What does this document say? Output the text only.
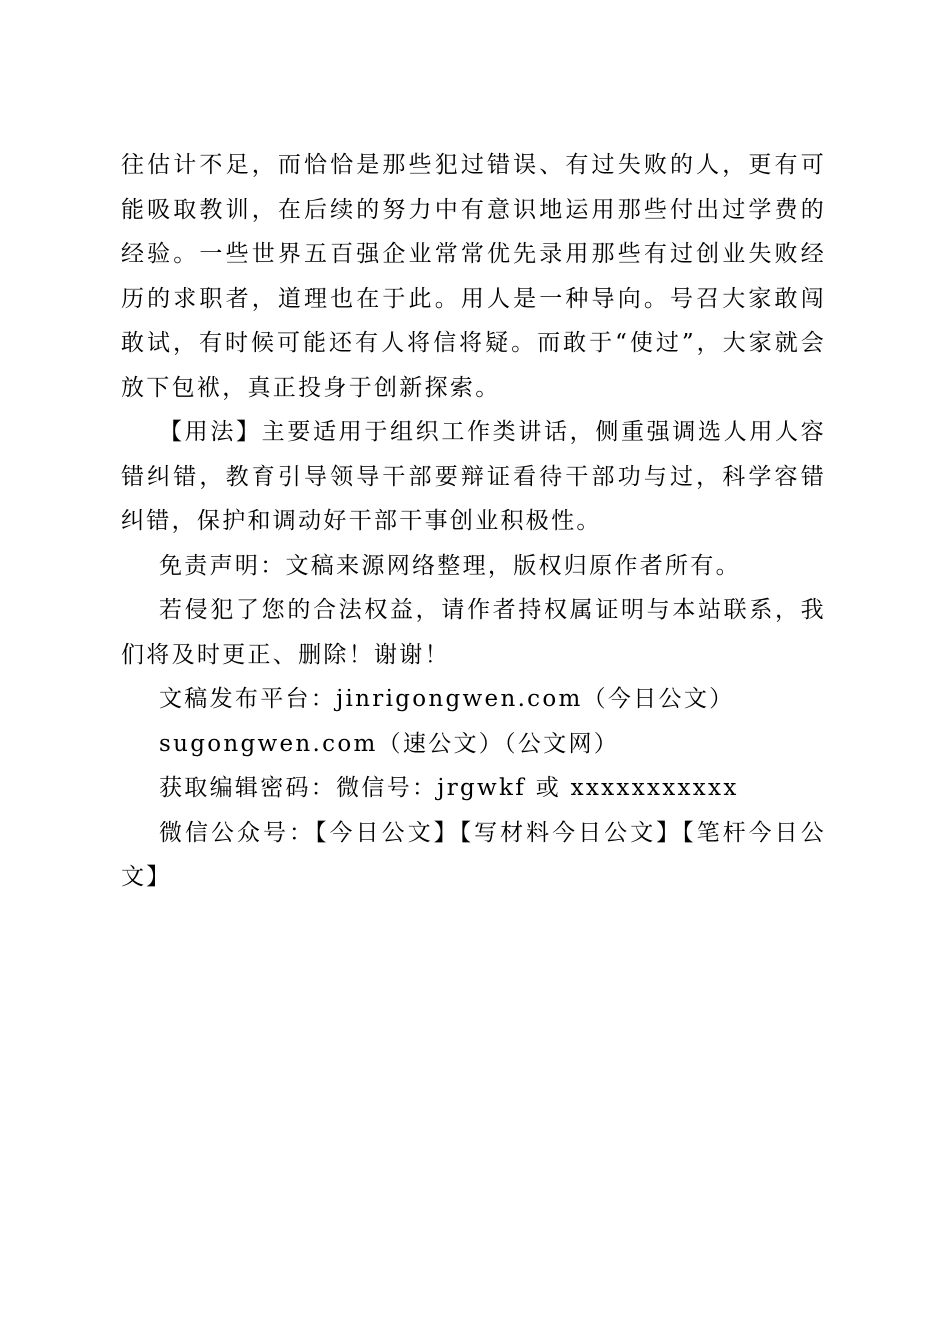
往估计不足，而恰恰是那些犯过错误、有过失败的人，更有可能吸取教训，在后续的努力中有意识地运用那些付出过学费的经验。一些世界五百强企业常常优先录用那些有过创业失败经历的求职者，道理也在于此。用人是一种导向。号召大家敢闯敢试，有时候可能还有人将信将疑。而敢于“使过”，大家就会放下包袱，真正投身于创新探索。

【用法】主要适用于组织工作类讲话，侧重强调选人用人容错纠错，教育引导领导干部要辩证看待干部功与过，科学容错纠错，保护和调动好干部干事创业积极性。

免责声明：文稿来源网络整理，版权归原作者所有。

若侵犯了您的合法权益，请作者持权属证明与本站联系，我们将及时更正、删除！谢谢！

文稿发布平台：jinrigongwen.com（今日公文）

sugongwen.com（速公文）（公文网）

获取编辑密码：微信号：jrgwkf 或 xxxxxxxxxxx

微信公众号：【今日公文】【写材料今日公文】【笔杆今日公文】
